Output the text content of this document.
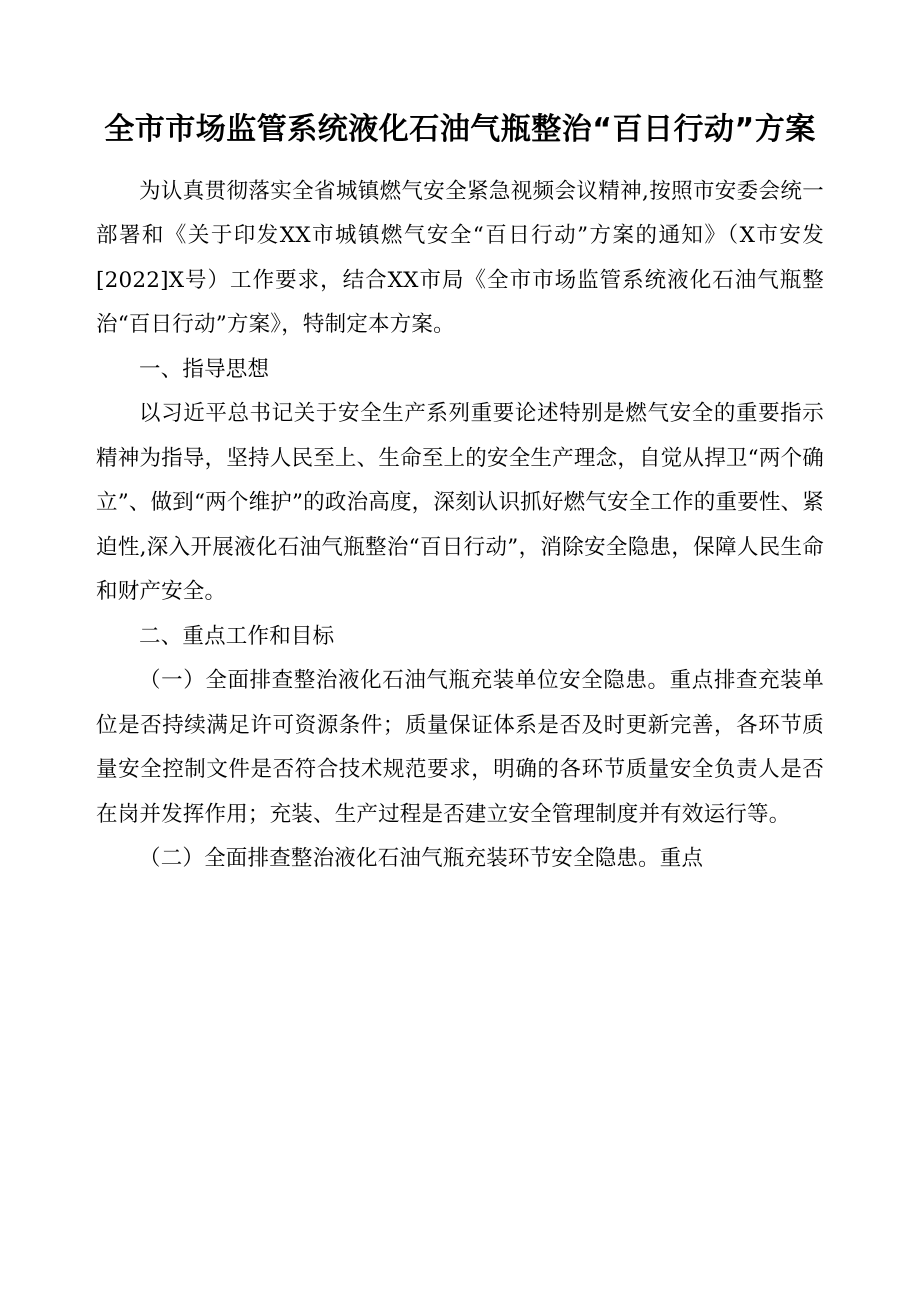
全市市场监管系统液化石油气瓶整治“百日行动”方案

为认真贯彻落实全省城镇燃气安全紧急视频会议精神,按照市安委会统一部署和《关于印发XX市城镇燃气安全“百日行动”方案的通知》（X市安发[2022]X号）工作要求，结合XX市局《全市市场监管系统液化石油气瓶整治“百日行动”方案》，特制定本方案。

一、指导思想

以习近平总书记关于安全生产系列重要论述特别是燃气安全的重要指示精神为指导，坚持人民至上、生命至上的安全生产理念，自觉从捍卫“两个确立”、做到“两个维护”的政治高度，深刻认识抓好燃气安全工作的重要性、紧迫性,深入开展液化石油气瓶整治“百日行动”，消除安全隐患，保障人民生命和财产安全。

二、重点工作和目标

（一）全面排查整治液化石油气瓶充装单位安全隐患。重点排查充装单位是否持续满足许可资源条件；质量保证体系是否及时更新完善，各环节质量安全控制文件是否符合技术规范要求，明确的各环节质量安全负责人是否在岗并发挥作用；充装、生产过程是否建立安全管理制度并有效运行等。

（二）全面排查整治液化石油气瓶充装环节安全隐患。重点
